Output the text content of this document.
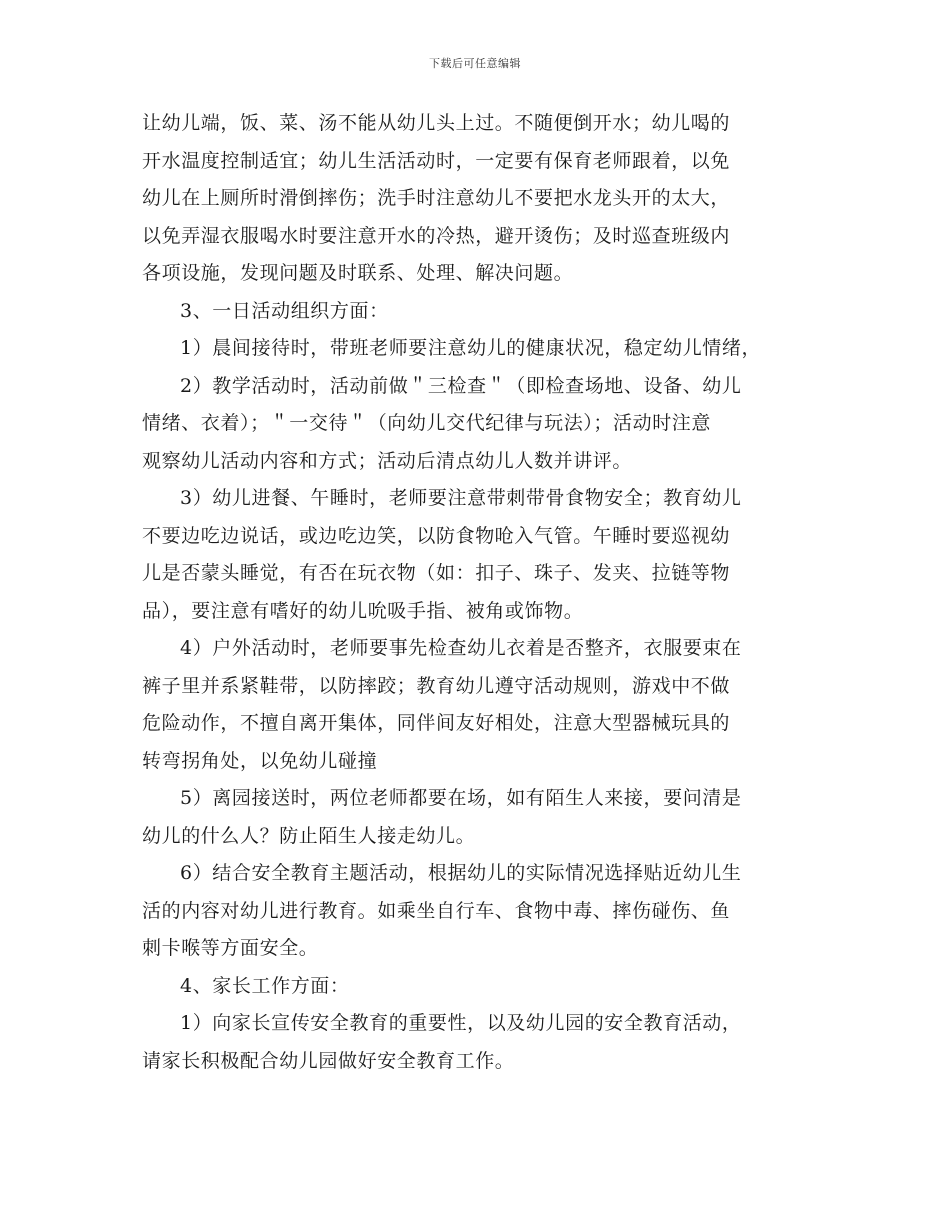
下载后可任意编辑
让幼儿端，饭、菜、汤不能从幼儿头上过。不随便倒开水；幼儿喝的
开水温度控制适宜；幼儿生活活动时，一定要有保育老师跟着，以免
幼儿在上厕所时滑倒摔伤；洗手时注意幼儿不要把水龙头开的太大，
以免弄湿衣服喝水时要注意开水的冷热，避开烫伤；及时巡查班级内
各项设施，发现问题及时联系、处理、解决问题。
3、一日活动组织方面：
1）晨间接待时，带班老师要注意幼儿的健康状况，稳定幼儿情绪，
2）教学活动时，活动前做＂三检查＂（即检查场地、设备、幼儿
情绪、衣着）；＂一交待＂（向幼儿交代纪律与玩法）；活动时注意
观察幼儿活动内容和方式；活动后清点幼儿人数并讲评。
3）幼儿进餐、午睡时，老师要注意带刺带骨食物安全；教育幼儿
不要边吃边说话，或边吃边笑，以防食物呛入气管。午睡时要巡视幼
儿是否蒙头睡觉，有否在玩衣物（如：扣子、珠子、发夹、拉链等物
品），要注意有嗜好的幼儿吮吸手指、被角或饰物。
4）户外活动时，老师要事先检查幼儿衣着是否整齐，衣服要束在
裤子里并系紧鞋带，以防摔跤；教育幼儿遵守活动规则，游戏中不做
危险动作，不擅自离开集体，同伴间友好相处，注意大型器械玩具的
转弯拐角处，以免幼儿碰撞
5）离园接送时，两位老师都要在场，如有陌生人来接，要问清是
幼儿的什么人？防止陌生人接走幼儿。
6）结合安全教育主题活动，根据幼儿的实际情况选择贴近幼儿生
活的内容对幼儿进行教育。如乘坐自行车、食物中毒、摔伤碰伤、鱼
刺卡喉等方面安全。
4、家长工作方面：
1）向家长宣传安全教育的重要性，以及幼儿园的安全教育活动，
请家长积极配合幼儿园做好安全教育工作。
